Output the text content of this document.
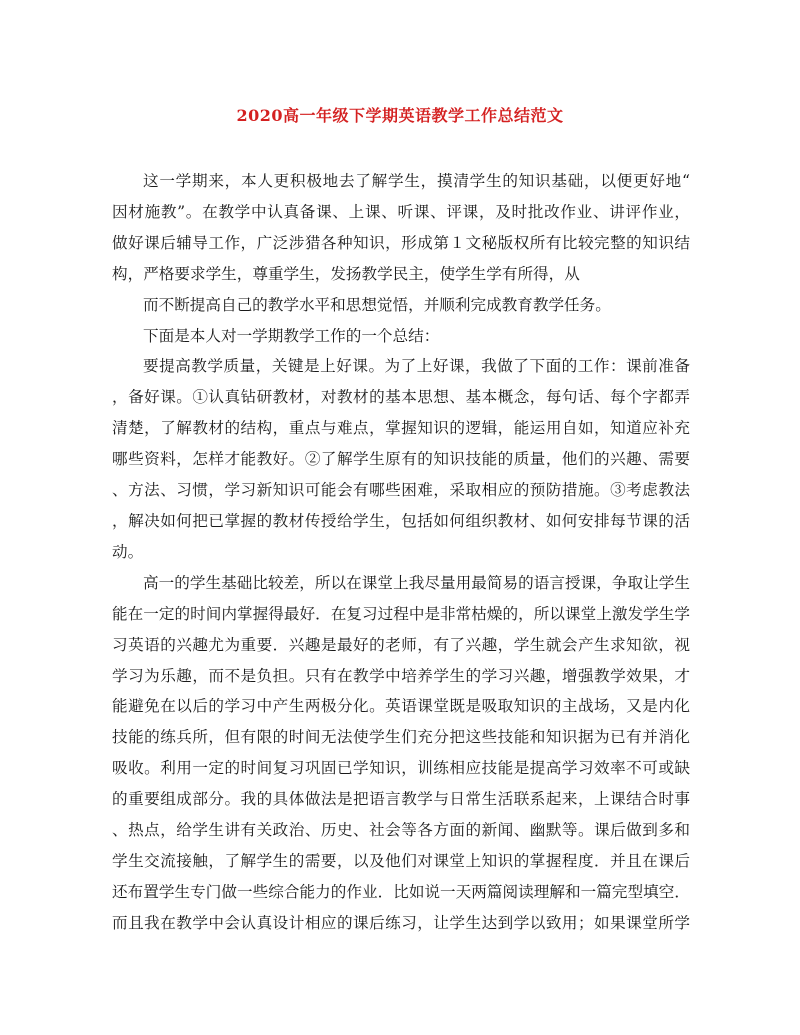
2020高一年级下学期英语教学工作总结范文
这一学期来，本人更积极地去了解学生，摸清学生的知识基础，以便更好地“
因材施教”。在教学中认真备课、上课、听课、评课，及时批改作业、讲评作业，
做好课后辅导工作，广泛涉猎各种知识，形成第１文秘版权所有比较完整的知识结
构，严格要求学生，尊重学生，发扬教学民主，使学生学有所得，从
而不断提高自己的教学水平和思想觉悟，并顺利完成教育教学任务。
下面是本人对一学期教学工作的一个总结：
要提高教学质量，关键是上好课。为了上好课，我做了下面的工作：课前准备
，备好课。①认真钻研教材，对教材的基本思想、基本概念，每句话、每个字都弄
清楚，了解教材的结构，重点与难点，掌握知识的逻辑，能运用自如，知道应补充
哪些资料，怎样才能教好。②了解学生原有的知识技能的质量，他们的兴趣、需要
、方法、习惯，学习新知识可能会有哪些困难，采取相应的预防措施。③考虑教法
，解决如何把已掌握的教材传授给学生，包括如何组织教材、如何安排每节课的活
动。
高一的学生基础比较差，所以在课堂上我尽量用最简易的语言授课，争取让学生
能在一定的时间内掌握得最好．在复习过程中是非常枯燥的，所以课堂上激发学生学
习英语的兴趣尤为重要．兴趣是最好的老师，有了兴趣，学生就会产生求知欲，视
学习为乐趣，而不是负担。只有在教学中培养学生的学习兴趣，增强教学效果，才
能避免在以后的学习中产生两极分化。英语课堂既是吸取知识的主战场，又是内化
技能的练兵所，但有限的时间无法使学生们充分把这些技能和知识据为已有并消化
吸收。利用一定的时间复习巩固已学知识，训练相应技能是提高学习效率不可或缺
的重要组成部分。我的具体做法是把语言教学与日常生活联系起来，上课结合时事
、热点，给学生讲有关政治、历史、社会等各方面的新闻、幽默等。课后做到多和
学生交流接触，了解学生的需要，以及他们对课堂上知识的掌握程度．并且在课后
还布置学生专门做一些综合能力的作业．比如说一天两篇阅读理解和一篇完型填空．
而且我在教学中会认真设计相应的课后练习，让学生达到学以致用；如果课堂所学
